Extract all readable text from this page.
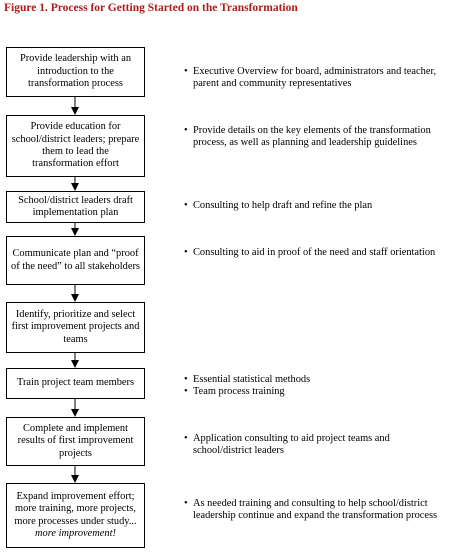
Figure 1. Process for Getting Started on the Transformation
Provide leadership with an introduction to the transformation process
• Executive Overview for board, administrators and teacher, parent and community representatives
Provide education for school/district leaders; prepare them to lead the transformation effort
• Provide details on the key elements of the transformation process, as well as planning and leadership guidelines
School/district leaders draft implementation plan
• Consulting to help draft and refine the plan
Communicate plan and “proof of the need” to all stakeholders
• Consulting to aid in proof of the need and staff orientation
Identify, prioritize and select first improvement projects and teams
Train project team members
•	Essential statistical methods
• Team process training
Complete and implement results of first improvement projects
• Application consulting to aid project teams and school/district leaders
Expand improvement effort; more training, more projects, more processes under study... more improvement!
• As needed training and consulting to help school/district leadership continue and expand the transformation process
